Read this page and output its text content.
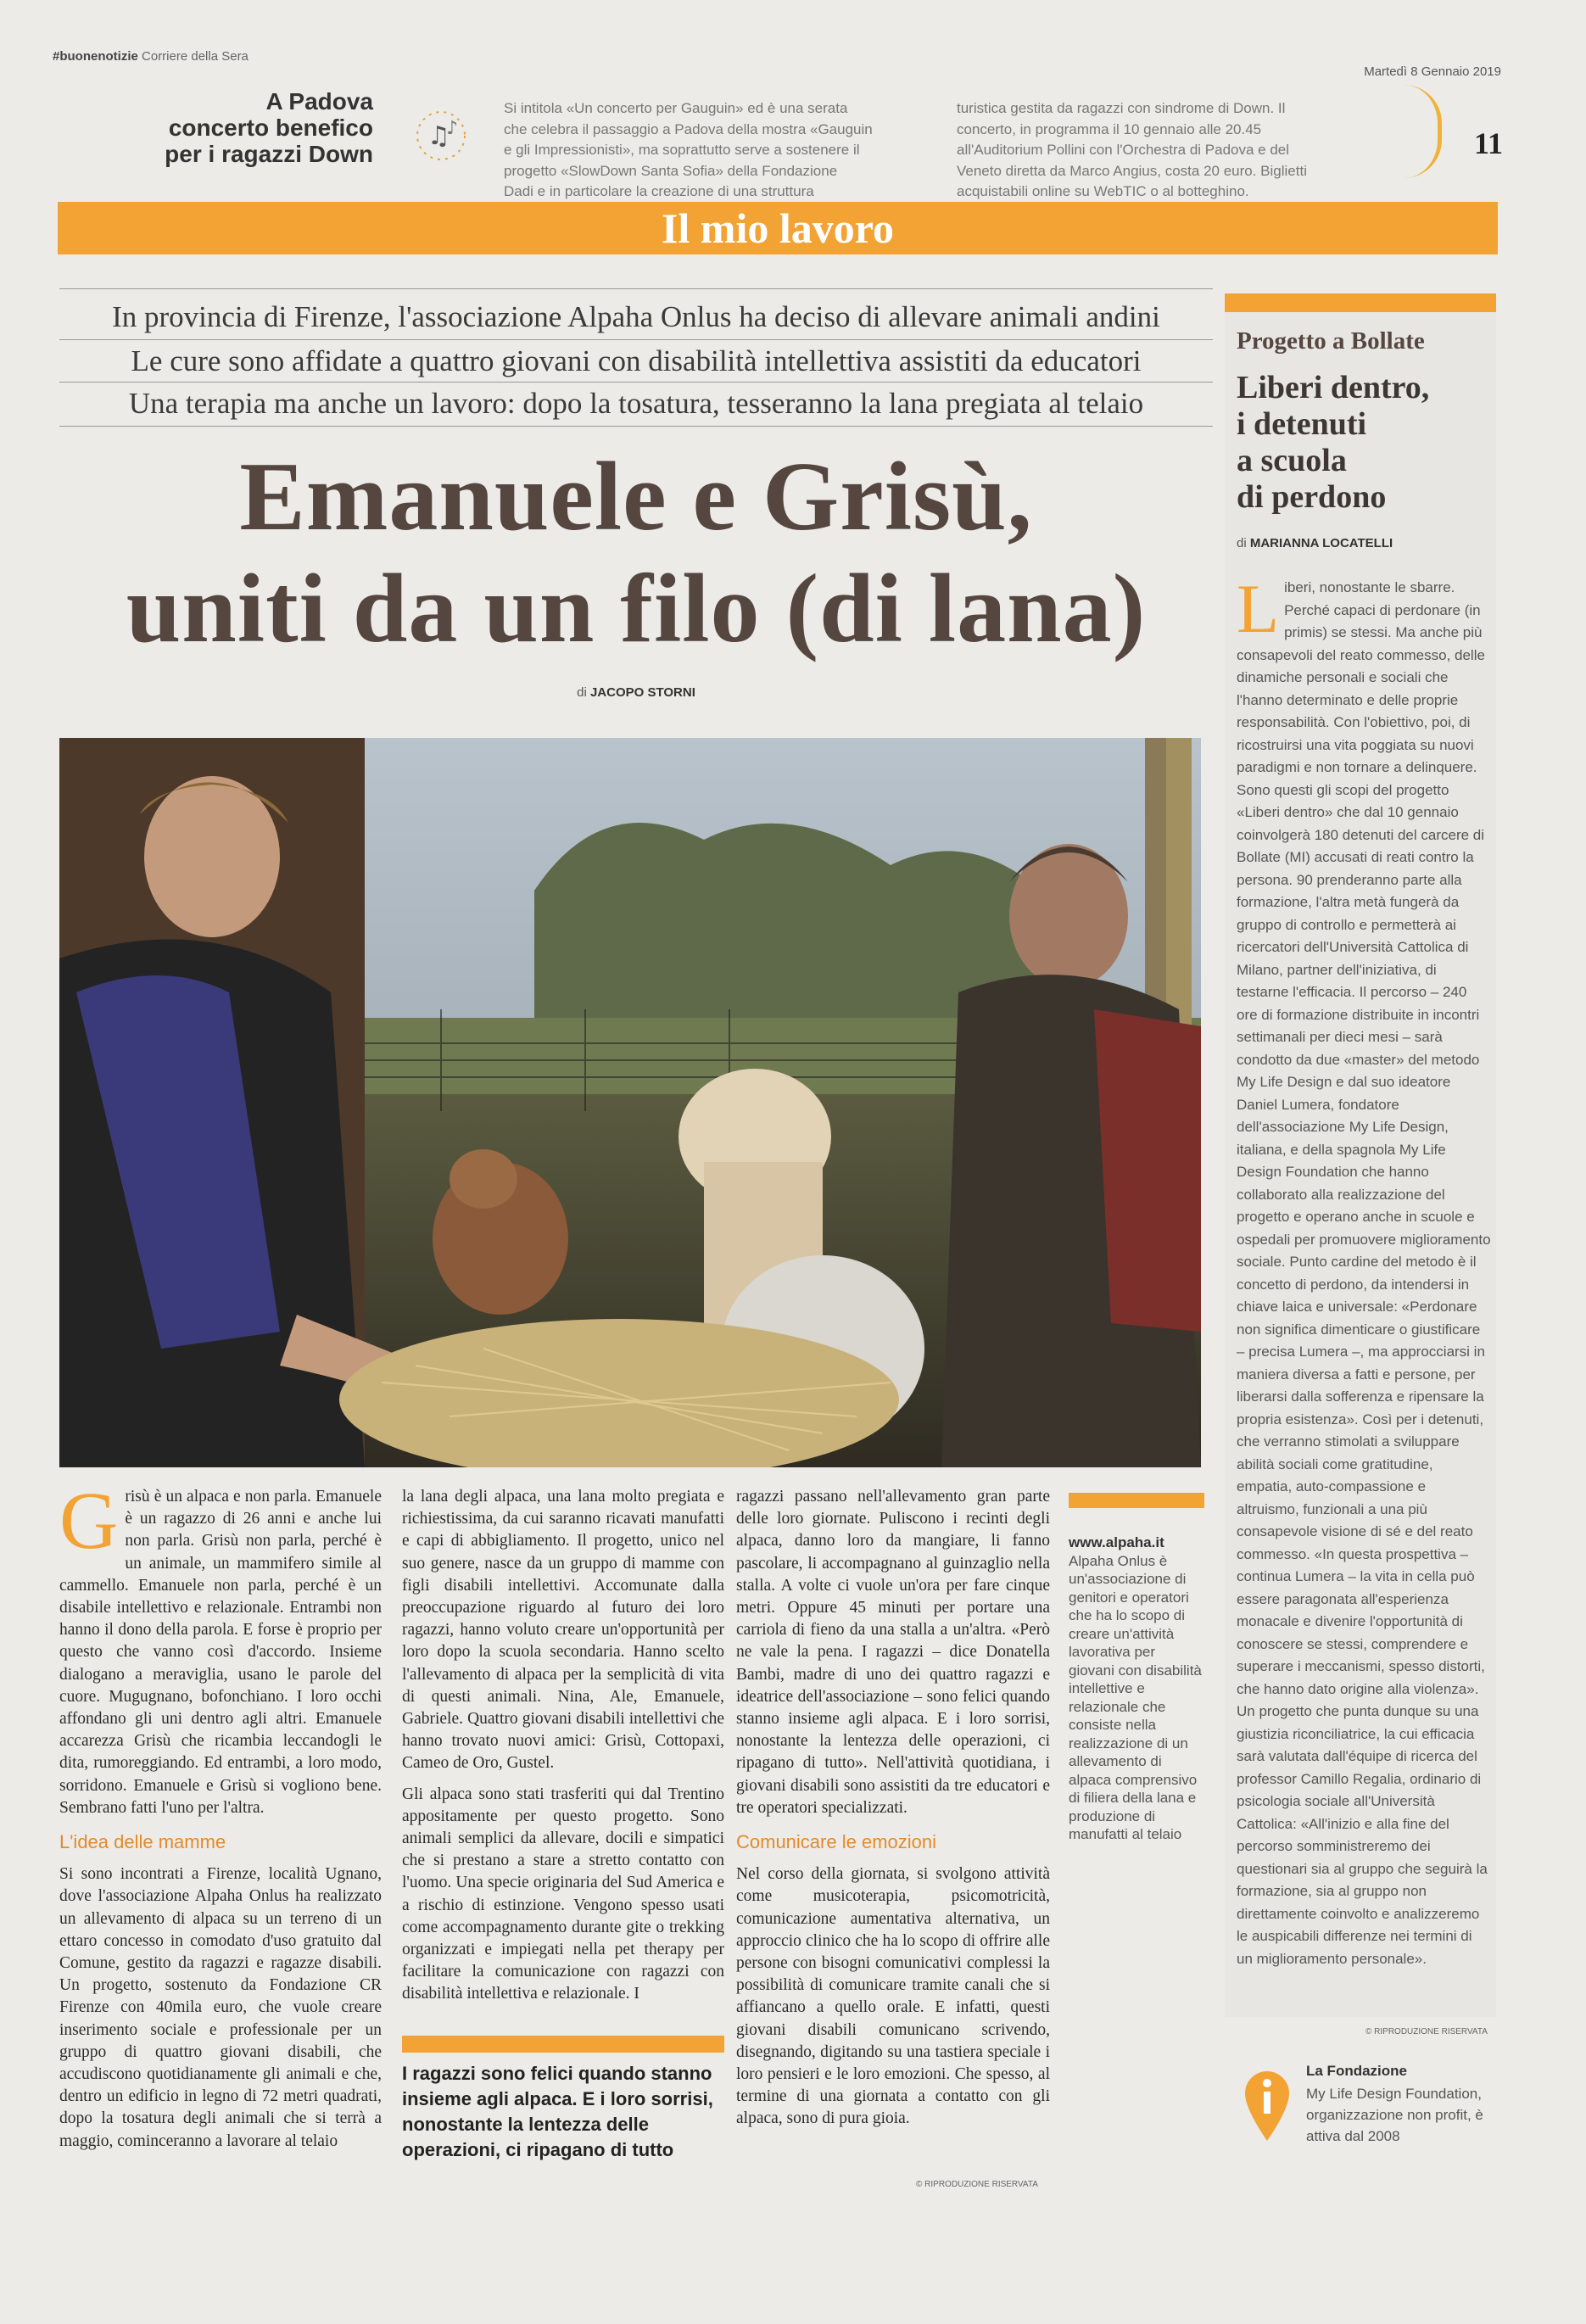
#buonenotizie Corriere della Sera
Martedì 8 Gennaio 2019
11
A Padova
concerto benefico
per i ragazzi Down
♫
♪
Si intitola «Un concerto per Gauguin» ed è una serata
che celebra il passaggio a Padova della mostra «Gauguin
e gli Impressionisti», ma soprattutto serve a sostenere il
progetto «SlowDown Santa Sofia» della Fondazione
Dadi e in particolare la creazione di una struttura
turistica gestita da ragazzi con sindrome di Down. Il
concerto, in programma il 10 gennaio alle 20.45
all'Auditorium Pollini con l'Orchestra di Padova e del
Veneto diretta da Marco Angius, costa 20 euro. Biglietti
acquistabili online su WebTIC o al botteghino.
Il mio lavoro
In provincia di Firenze, l'associazione Alpaha Onlus ha deciso di allevare animali andini
Le cure sono affidate a quattro giovani con disabilità intellettiva assistiti da educatori
Una terapia ma anche un lavoro: dopo la tosatura, tesseranno la lana pregiata al telaio
Emanuele e Grisù,
uniti da un filo (di lana)
di JACOPO STORNI

Grisù è un alpaca e non parla. Emanuele è un ragazzo di 26 anni e anche lui non parla. Grisù non parla, perché è un animale, un mammifero simile al cammello. Emanuele non parla, perché è un disabile intellettivo e relazionale. Entrambi non hanno il dono della parola. E forse è proprio per questo che vanno così d'accordo. Insieme dialogano a meraviglia, usano le parole del cuore. Mugugnano, bofonchiano. I loro occhi affondano gli uni dentro agli altri. Emanuele accarezza Grisù che ricambia leccandogli le dita, rumoreggiando. Ed entrambi, a loro modo, sorridono. Emanuele e Grisù si vogliono bene. Sembrano fatti l'uno per l'altra.

L'idea delle mamme

Si sono incontrati a Firenze, località Ugnano, dove l'associazione Alpaha Onlus ha realizzato un allevamento di alpaca su un terreno di un ettaro concesso in comodato d'uso gratuito dal Comune, gestito da ragazzi e ragazze disabili. Un progetto, sostenuto da Fondazione CR Firenze con 40mila euro, che vuole creare inserimento sociale e professionale per un gruppo di quattro giovani disabili, che accudiscono quotidianamente gli animali e che, dentro un edificio in legno di 72 metri quadrati, dopo la tosatura degli animali che si terrà a maggio, cominceranno a lavorare al telaio

la lana degli alpaca, una lana molto pregiata e richiestissima, da cui saranno ricavati manufatti e capi di abbigliamento. Il progetto, unico nel suo genere, nasce da un gruppo di mamme con figli disabili intellettivi. Accomunate dalla preoccupazione riguardo al futuro dei loro ragazzi, hanno voluto creare un'opportunità per loro dopo la scuola secondaria. Hanno scelto l'allevamento di alpaca per la semplicità di vita di questi animali. Nina, Ale, Emanuele, Gabriele. Quattro giovani disabili intellettivi che hanno trovato nuovi amici: Grisù, Cottopaxi, Cameo de Oro, Gustel.

Gli alpaca sono stati trasferiti qui dal Trentino appositamente per questo progetto. Sono animali semplici da allevare, docili e simpatici che si prestano a stare a stretto contatto con l'uomo. Una specie originaria del Sud America e a rischio di estinzione. Vengono spesso usati come accompagnamento durante gite o trekking organizzati e impiegati nella pet therapy per facilitare la comunicazione con ragazzi con disabilità intellettiva e relazionale. I

I ragazzi sono felici quando stanno insieme agli alpaca. E i loro sorrisi, nonostante la lentezza delle operazioni, ci ripagano di tutto

ragazzi passano nell'allevamento gran parte delle loro giornate. Puliscono i recinti degli alpaca, danno loro da mangiare, li fanno pascolare, li accompagnano al guinzaglio nella stalla. A volte ci vuole un'ora per fare cinque metri. Oppure 45 minuti per portare una carriola di fieno da una stalla a un'altra. «Però ne vale la pena. I ragazzi – dice Donatella Bambi, madre di uno dei quattro ragazzi e ideatrice dell'associazione – sono felici quando stanno insieme agli alpaca. E i loro sorrisi, nonostante la lentezza delle operazioni, ci ripagano di tutto». Nell'attività quotidiana, i giovani disabili sono assistiti da tre educatori e tre operatori specializzati.

Comunicare le emozioni

Nel corso della giornata, si svolgono attività come musicoterapia, psicomotricità, comunicazione aumentativa alternativa, un approccio clinico che ha lo scopo di offrire alle persone con bisogni comunicativi complessi la possibilità di comunicare tramite canali che si affiancano a quello orale. E infatti, questi giovani disabili comunicano scrivendo, disegnando, digitando su una tastiera speciale i loro pensieri e le loro emozioni. Che spesso, al termine di una giornata a contatto con gli alpaca, sono di pura gioia.

© RIPRODUZIONE RISERVATA
www.alpaha.it
Alpaha Onlus è un'associazione di genitori e operatori che ha lo scopo di creare un'attività lavorativa per giovani con disabilità intellettive e relazionale che consiste nella realizzazione di un allevamento di alpaca comprensivo di filiera della lana e produzione di manufatti al telaio
Progetto a Bollate
Liberi dentro,
i detenuti
a scuola
di perdono
di MARIANNA LOCATELLI
Liberi, nonostante le sbarre. Perché capaci di perdonare (in primis) se stessi. Ma anche più consapevoli del reato commesso, delle dinamiche personali e sociali che l'hanno determinato e delle proprie responsabilità. Con l'obiettivo, poi, di ricostruirsi una vita poggiata su nuovi paradigmi e non tornare a delinquere. Sono questi gli scopi del progetto «Liberi dentro» che dal 10 gennaio coinvolgerà 180 detenuti del carcere di Bollate (MI) accusati di reati contro la persona. 90 prenderanno parte alla formazione, l'altra metà fungerà da gruppo di controllo e permetterà ai ricercatori dell'Università Cattolica di Milano, partner dell'iniziativa, di testarne l'efficacia. Il percorso – 240 ore di formazione distribuite in incontri settimanali per dieci mesi – sarà condotto da due «master» del metodo My Life Design e dal suo ideatore Daniel Lumera, fondatore dell'associazione My Life Design, italiana, e della spagnola My Life Design Foundation che hanno collaborato alla realizzazione del progetto e operano anche in scuole e ospedali per promuovere miglioramento sociale. Punto cardine del metodo è il concetto di perdono, da intendersi in chiave laica e universale: «Perdonare non significa dimenticare o giustificare – precisa Lumera –, ma approcciarsi in maniera diversa a fatti e persone, per liberarsi dalla sofferenza e ripensare la propria esistenza». Così per i detenuti, che verranno stimolati a sviluppare abilità sociali come gratitudine, empatia, auto-compassione e altruismo, funzionali a una più consapevole visione di sé e del reato commesso. «In questa prospettiva – continua Lumera – la vita in cella può essere paragonata all'esperienza monacale e divenire l'opportunità di conoscere se stessi, comprendere e superare i meccanismi, spesso distorti, che hanno dato origine alla violenza». Un progetto che punta dunque su una giustizia riconciliatrice, la cui efficacia sarà valutata dall'équipe di ricerca del professor Camillo Regalia, ordinario di psicologia sociale all'Università Cattolica: «All'inizio e alla fine del percorso somministreremo dei questionari sia al gruppo che seguirà la formazione, sia al gruppo non direttamente coinvolto e analizzeremo le auspicabili differenze nei termini di un miglioramento personale».
© RIPRODUZIONE RISERVATA
La Fondazione
My Life Design Foundation, organizzazione non profit, è attiva dal 2008
